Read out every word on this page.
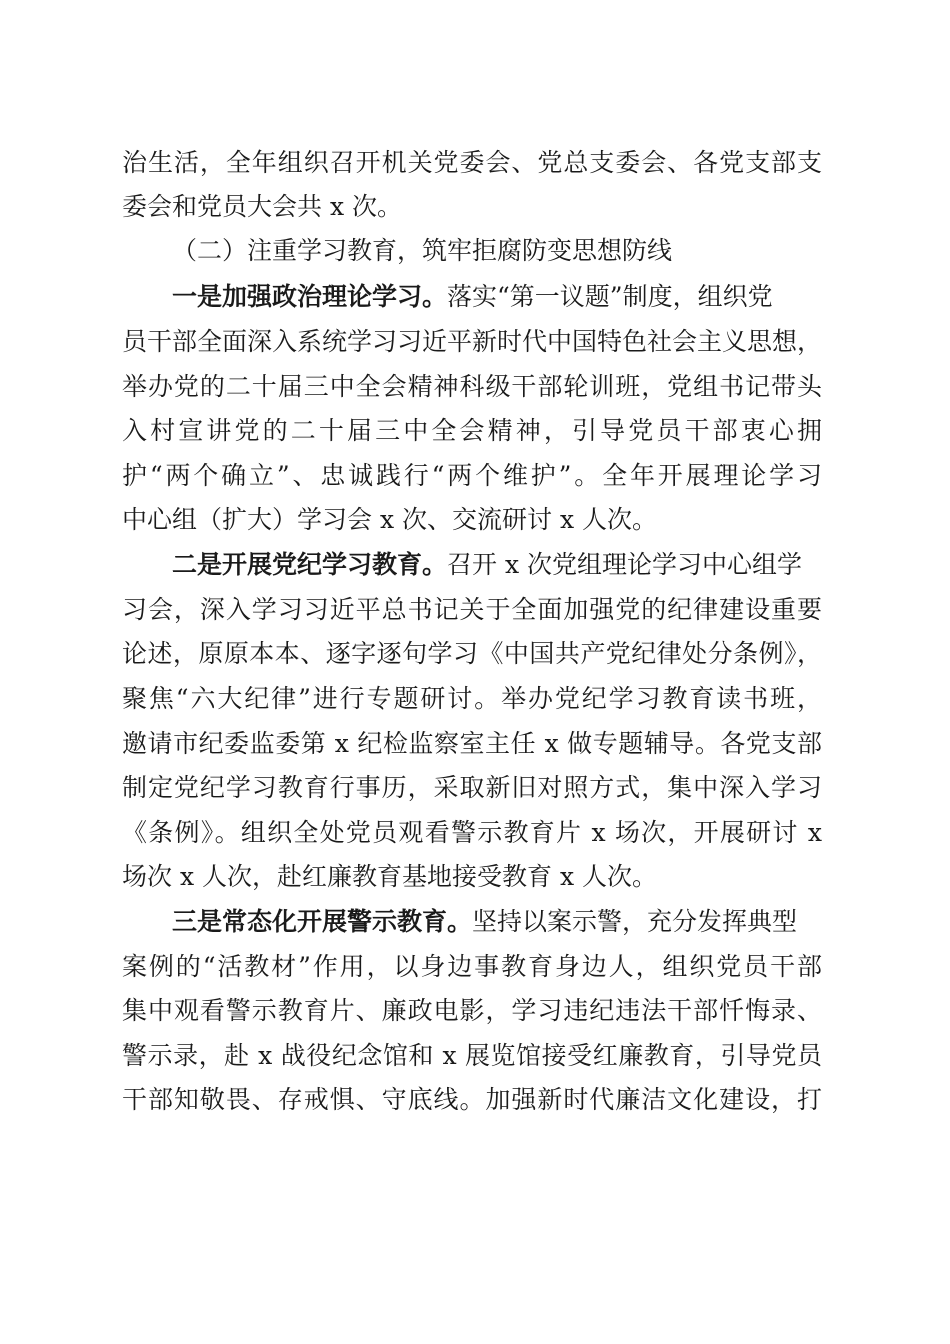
治生活，全年组织召开机关党委会、党总支委会、各党支部支
委会和党员大会共 x 次。
（二）注重学习教育，筑牢拒腐防变思想防线
一是加强政治理论学习。落实“第一议题”制度，组织党
员干部全面深入系统学习习近平新时代中国特色社会主义思想，
举办党的二十届三中全会精神科级干部轮训班，党组书记带头
入村宣讲党的二十届三中全会精神，引导党员干部衷心拥
护“两个确立”、忠诚践行“两个维护”。全年开展理论学习
中心组（扩大）学习会 x 次、交流研讨 x 人次。
二是开展党纪学习教育。召开 x 次党组理论学习中心组学
习会，深入学习习近平总书记关于全面加强党的纪律建设重要
论述，原原本本、逐字逐句学习《中国共产党纪律处分条例》，
聚焦“六大纪律”进行专题研讨。举办党纪学习教育读书班，
邀请市纪委监委第 x 纪检监察室主任 x 做专题辅导。各党支部
制定党纪学习教育行事历，采取新旧对照方式，集中深入学习
《条例》。组织全处党员观看警示教育片 x 场次，开展研讨 x
场次 x 人次，赴红廉教育基地接受教育 x 人次。
三是常态化开展警示教育。坚持以案示警，充分发挥典型
案例的“活教材”作用，以身边事教育身边人，组织党员干部
集中观看警示教育片、廉政电影，学习违纪违法干部忏悔录、
警示录，赴 x 战役纪念馆和 x 展览馆接受红廉教育，引导党员
干部知敬畏、存戒惧、守底线。加强新时代廉洁文化建设，打
